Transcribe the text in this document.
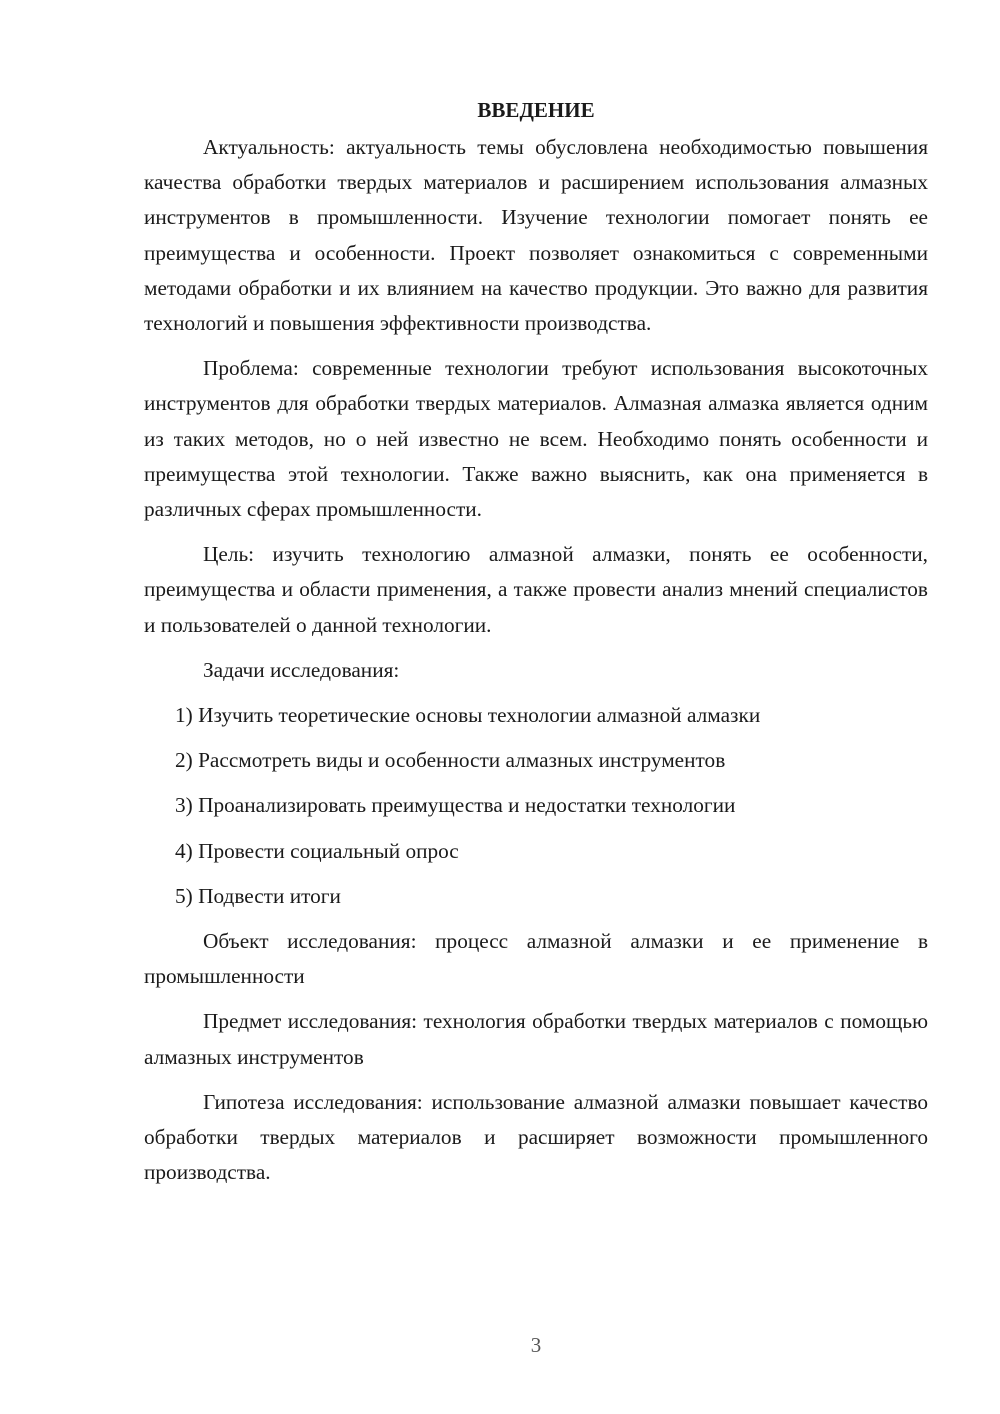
ВВЕДЕНИЕ

Актуальность: актуальность темы обусловлена необходимостью повышения качества обработки твердых материалов и расширением использования алмазных инструментов в промышленности. Изучение технологии помогает понять ее преимущества и особенности. Проект позволяет ознакомиться с современными методами обработки и их влиянием на качество продукции. Это важно для развития технологий и повышения эффективности производства.

Проблема: современные технологии требуют использования высокоточных инструментов для обработки твердых материалов. Алмазная алмазка является одним из таких методов, но о ней известно не всем. Необходимо понять особенности и преимущества этой технологии. Также важно выяснить, как она применяется в различных сферах промышленности.

Цель: изучить технологию алмазной алмазки, понять ее особенности, преимущества и области применения, а также провести анализ мнений специалистов и пользователей о данной технологии.

Задачи исследования:

1) Изучить теоретические основы технологии алмазной алмазки
2) Рассмотреть виды и особенности алмазных инструментов
3) Проанализировать преимущества и недостатки технологии
4) Провести социальный опрос
5) Подвести итоги

Объект исследования: процесс алмазной алмазки и ее применение в промышленности

Предмет исследования: технология обработки твердых материалов с помощью алмазных инструментов

Гипотеза исследования: использование алмазной алмазки повышает качество обработки твердых материалов и расширяет возможности промышленного производства.

3
